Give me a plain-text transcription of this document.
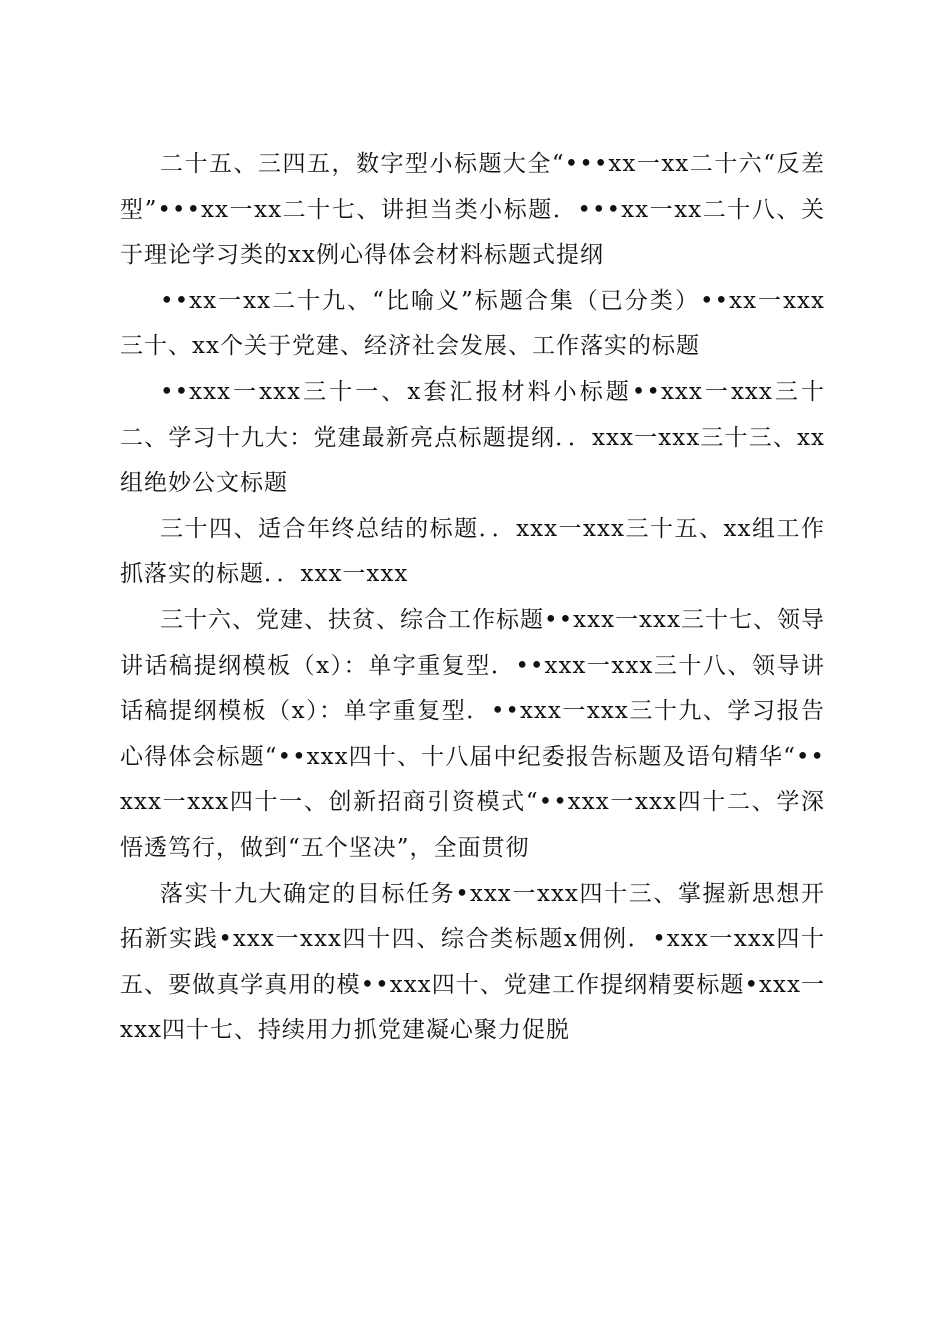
二十五、三四五，数字型小标题大全“•••xx一xx二十六“反差型”•••xx一xx二十七、讲担当类小标题．•••xx一xx二十八、关于理论学习类的xx例心得体会材料标题式提纲

••xx一xx二十九、“比喻义”标题合集（已分类）••xx一xxx三十、xx个关于党建、经济社会发展、工作落实的标题

••xxx一xxx三十一、x套汇报材料小标题••xxx一xxx三十二、学习十九大：党建最新亮点标题提纲．．xxx一xxx三十三、xx组绝妙公文标题

三十四、适合年终总结的标题．．xxx一xxx三十五、xx组工作抓落实的标题．．xxx一xxx

三十六、党建、扶贫、综合工作标题••xxx一xxx三十七、领导讲话稿提纲模板（x）：单字重复型．••xxx一xxx三十八、领导讲话稿提纲模板（x）：单字重复型．••xxx一xxx三十九、学习报告心得体会标题“••xxx四十、十八届中纪委报告标题及语句精华“••xxx一xxx四十一、创新招商引资模式“••xxx一xxx四十二、学深悟透笃行，做到“五个坚决”，全面贯彻

落实十九大确定的目标任务•xxx一xxx四十三、掌握新思想开拓新实践•xxx一xxx四十四、综合类标题x佣例．•xxx一xxx四十五、要做真学真用的模••xxx四十、党建工作提纲精要标题•xxx一xxx四十七、持续用力抓党建凝心聚力促脱
